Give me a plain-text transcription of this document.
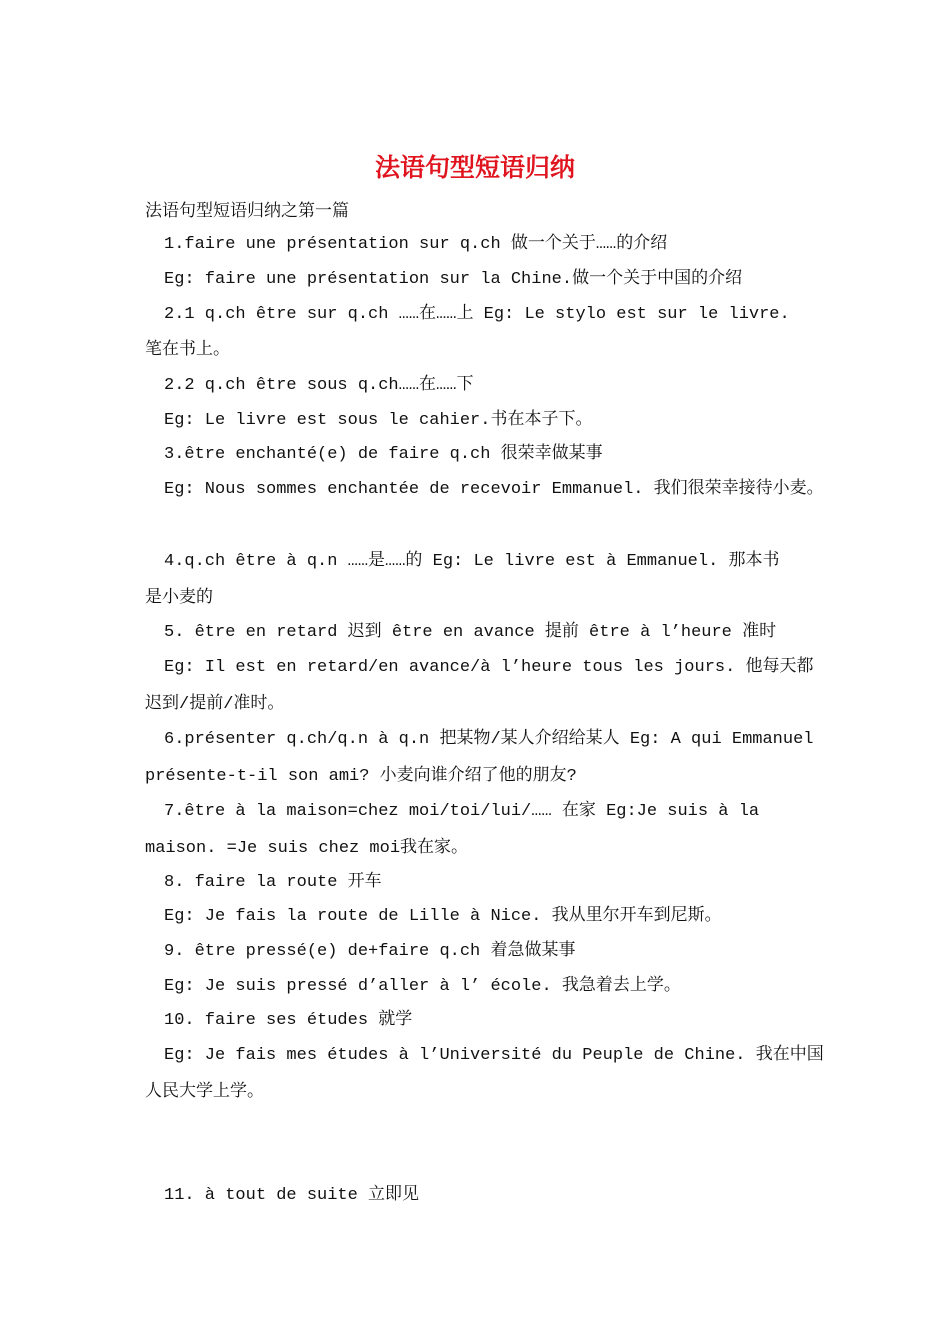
法语句型短语归纳
法语句型短语归纳之第一篇
1.faire une présentation sur q.ch 做一个关于……的介绍
Eg: faire une présentation sur la Chine.做一个关于中国的介绍
2.1 q.ch être sur q.ch ……在……上 Eg: Le stylo est sur le livre.
笔在书上。
2.2 q.ch être sous q.ch……在……下
Eg: Le livre est sous le cahier.书在本子下。
3.être enchanté(e) de faire q.ch 很荣幸做某事
Eg: Nous sommes enchantée de recevoir Emmanuel. 我们很荣幸接待小麦。
4.q.ch être à q.n ……是……的 Eg: Le livre est à Emmanuel. 那本书
是小麦的
5. être en retard 迟到 être en avance 提前 être à l’heure 准时
Eg: Il est en retard/en avance/à l’heure tous les jours. 他每天都
迟到/提前/准时。
6.présenter q.ch/q.n à q.n 把某物/某人介绍给某人 Eg: A qui Emmanuel
présente-t-il son ami? 小麦向谁介绍了他的朋友?
7.être à la maison=chez moi/toi/lui/…… 在家 Eg:Je suis à la
maison. =Je suis chez moi我在家。
8. faire la route 开车
Eg: Je fais la route de Lille à Nice. 我从里尔开车到尼斯。
9. être pressé(e) de+faire q.ch 着急做某事
Eg: Je suis pressé d’aller à l’ école. 我急着去上学。
10. faire ses études 就学
Eg: Je fais mes études à l’Université du Peuple de Chine. 我在中国
人民大学上学。
11. à tout de suite 立即见
